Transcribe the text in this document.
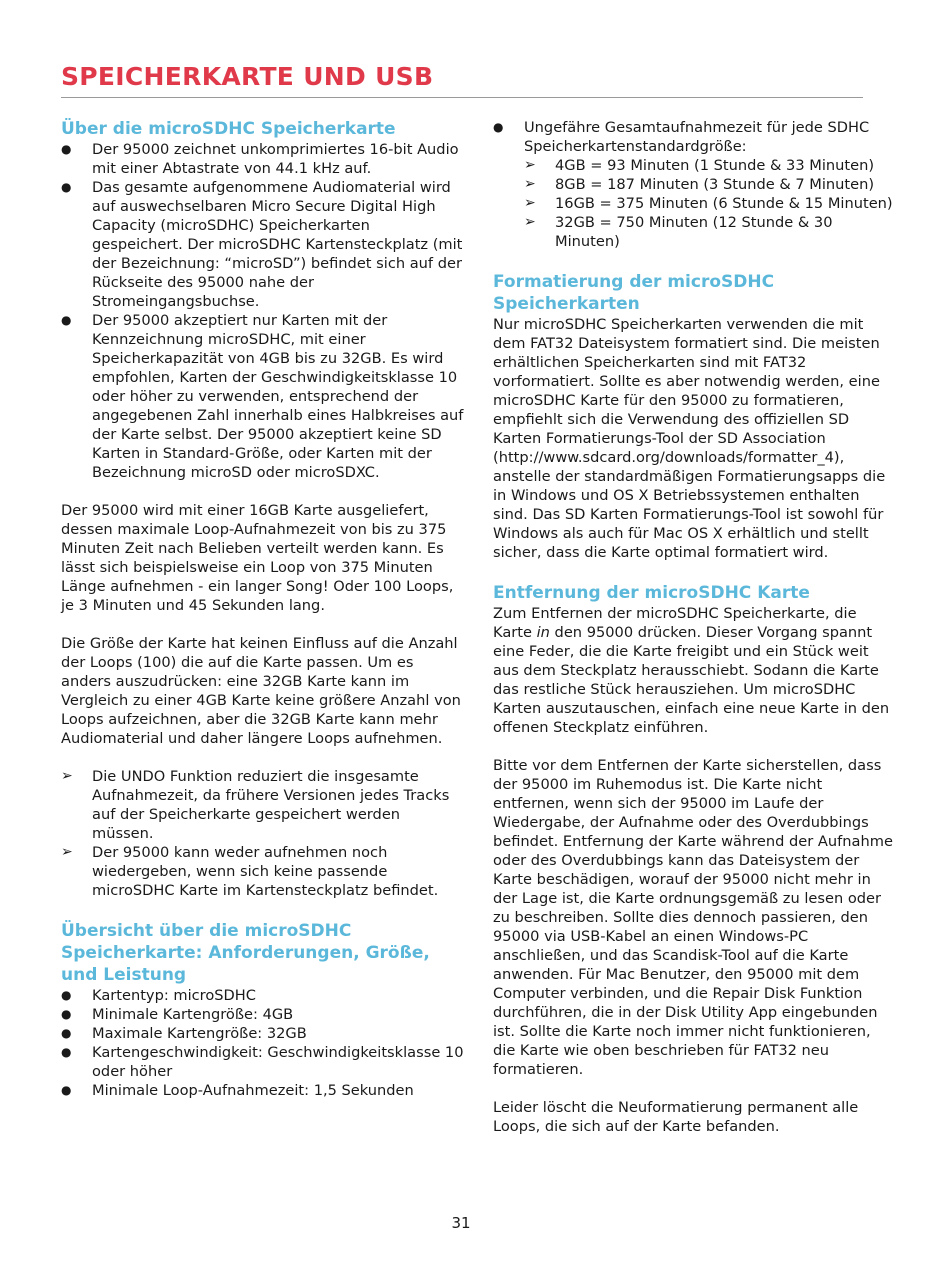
SPEICHERKARTE UND USB
Über die microSDHC Speicherkarte
●	Der 95000 zeichnet unkomprimiertes 16-bit Audio mit einer Abtastrate von 44.1 kHz auf.
●	Das gesamte aufgenommene Audiomaterial wird auf auswechselbaren Micro Secure Digital High Capacity (microSDHC) Speicherkarten gespeichert. Der microSDHC Kartensteckplatz (mit der Bezeichnung: “microSD”) befindet sich auf der Rückseite des 95000 nahe der Stromeingangsbuchse.
●	Der 95000 akzeptiert nur Karten mit der Kennzeichnung microSDHC, mit einer Speicherkapazität von 4GB bis zu 32GB. Es wird empfohlen, Karten der Geschwindigkeitsklasse 10 oder höher zu verwenden, entsprechend der angegebenen Zahl innerhalb eines Halbkreises auf der Karte selbst. Der 95000 akzeptiert keine SD Karten in Standard-Größe, oder Karten mit der Bezeichnung microSD oder microSDXC.

Der 95000 wird mit einer 16GB Karte ausgeliefert, dessen maximale Loop-Aufnahmezeit von bis zu 375 Minuten Zeit nach Belieben verteilt werden kann. Es lässt sich beispielsweise ein Loop von 375 Minuten Länge aufnehmen - ein langer Song! Oder 100 Loops, je 3 Minuten und 45 Sekunden lang.

Die Größe der Karte hat keinen Einfluss auf die Anzahl der Loops (100) die auf die Karte passen. Um es anders auszudrücken: eine 32GB Karte kann im Vergleich zu einer 4GB Karte keine größere Anzahl von Loops aufzeichnen, aber die 32GB Karte kann mehr Audiomaterial und daher längere Loops aufnehmen.

➢	Die UNDO Funktion reduziert die insgesamte Aufnahmezeit, da frühere Versionen jedes Tracks auf der Speicherkarte gespeichert werden müssen.
➢	Der 95000 kann weder aufnehmen noch wiedergeben, wenn sich keine passende microSDHC Karte im Kartensteckplatz befindet.
Übersicht über die microSDHC Speicherkarte: Anforderungen, Größe, und Leistung
●	Kartentyp: microSDHC
●	Minimale Kartengröße: 4GB
●	Maximale Kartengröße: 32GB
●	Kartengeschwindigkeit: Geschwindigkeitsklasse 10 oder höher
●	Minimale Loop-Aufnahmezeit: 1,5 Sekunden
●	Ungefähre Gesamtaufnahmezeit für jede SDHC Speicherkartenstandardgröße:
➢ 4GB = 93 Minuten (1 Stunde & 33 Minuten)
➢ 8GB = 187 Minuten (3 Stunde & 7 Minuten)
➢ 16GB = 375 Minuten (6 Stunde & 15 Minuten)
➢ 32GB = 750 Minuten (12 Stunde & 30 Minuten)
Formatierung der microSDHC Speicherkarten

Nur microSDHC Speicherkarten verwenden die mit dem FAT32 Dateisystem formatiert sind. Die meisten erhältlichen Speicherkarten sind mit FAT32 vorformatiert. Sollte es aber notwendig werden, eine microSDHC Karte für den 95000 zu formatieren, empfiehlt sich die Verwendung des offiziellen SD Karten Formatierungs-Tool der SD Association (http://www.sdcard.org/downloads/formatter_4), anstelle der standardmäßigen Formatierungsapps die in Windows und OS X Betriebssystemen enthalten sind. Das SD Karten Formatierungs-Tool ist sowohl für Windows als auch für Mac OS X erhältlich und stellt sicher, dass die Karte optimal formatiert wird.

Entfernung der microSDHC Karte

Zum Entfernen der microSDHC Speicherkarte, die Karte in den 95000 drücken. Dieser Vorgang spannt eine Feder, die die Karte freigibt und ein Stück weit aus dem Steckplatz herausschiebt. Sodann die Karte das restliche Stück herausziehen. Um microSDHC Karten auszutauschen, einfach eine neue Karte in den offenen Steckplatz einführen.

Bitte vor dem Entfernen der Karte sicherstellen, dass der 95000 im Ruhemodus ist. Die Karte nicht entfernen, wenn sich der 95000 im Laufe der Wiedergabe, der Aufnahme oder des Overdubbings befindet. Entfernung der Karte während der Aufnahme oder des Overdubbings kann das Dateisystem der Karte beschädigen, worauf der 95000 nicht mehr in der Lage ist, die Karte ordnungsgemäß zu lesen oder zu beschreiben. Sollte dies dennoch passieren, den 95000 via USB-Kabel an einen Windows-PC anschließen, und das Scandisk-Tool auf die Karte anwenden. Für Mac Benutzer, den 95000 mit dem Computer verbinden, und die Repair Disk Funktion durchführen, die in der Disk Utility App eingebunden ist. Sollte die Karte noch immer nicht funktionieren, die Karte wie oben beschrieben für FAT32 neu formatieren.

Leider löscht die Neuformatierung permanent alle Loops, die sich auf der Karte befanden.

31
